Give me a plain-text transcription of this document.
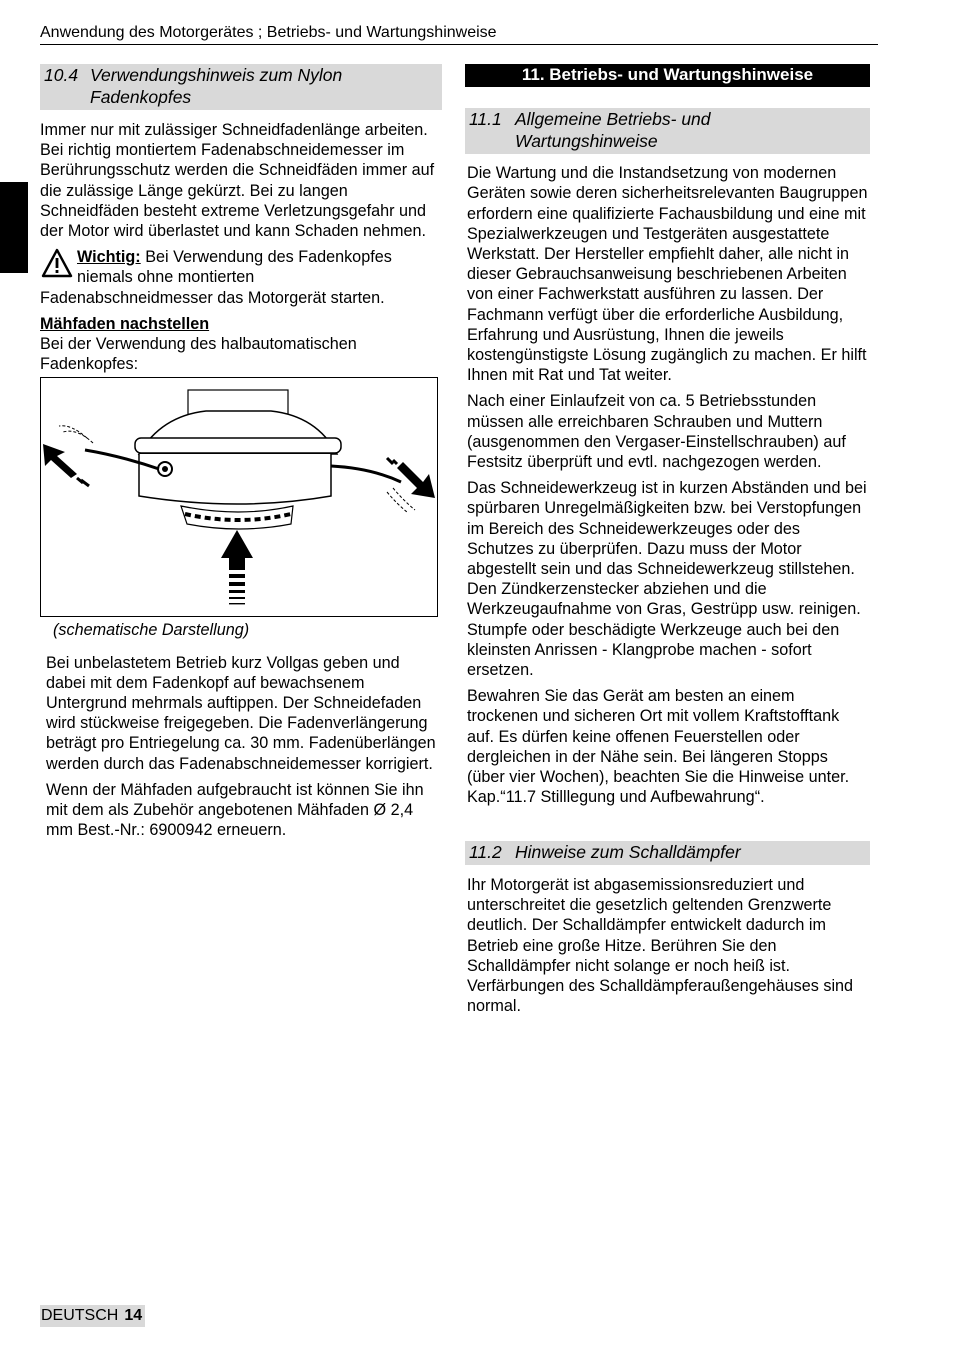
Anwendung des Motorgerätes ; Betriebs- und Wartungshinweise
10.4 Verwendungshinweis zum Nylon
Fadenkopfes

Immer nur mit zulässiger Schneidfadenlänge arbeiten. Bei richtig montiertem Fadenabschneidemesser im Berührungsschutz werden die Schneidfäden immer auf die zulässige Länge gekürzt. Bei zu langen Schneidfäden besteht extreme Verletzungsgefahr und der Motor wird überlastet und kann Schaden nehmen.

Wichtig: Bei Verwendung des Fadenkopfes niemals ohne montierten
Fadenabschneidmesser das Motorgerät starten.
Mähfaden nachstellen
Bei der Verwendung des halbautomatischen
Fadenkopfes:
(schematische Darstellung)

Bei unbelastetem Betrieb kurz Vollgas geben und dabei mit dem Fadenkopf auf bewachsenem Untergrund mehrmals auftippen. Der Schneidefaden wird stückweise freigegeben. Die Fadenverlängerung beträgt pro Entriegelung ca. 30 mm. Fadenüberlängen werden durch das Fadenabschneidemesser korrigiert.

Wenn der Mähfaden aufgebraucht ist können Sie ihn mit dem als Zubehör angebotenen Mähfaden Ø 2,4 mm Best.-Nr.: 6900942 erneuern.

11. Betriebs- und Wartungshinweise
11.1 Allgemeine Betriebs- und
Wartungshinweise

Die Wartung und die Instandsetzung von modernen Geräten sowie deren sicherheitsrelevanten Baugruppen erfordern eine qualifizierte Fachausbildung und eine mit Spezialwerkzeugen und Testgeräten ausgestattete Werkstatt. Der Hersteller empfiehlt daher, alle nicht in dieser Gebrauchsanweisung beschriebenen Arbeiten von einer Fachwerkstatt ausführen zu lassen. Der Fachmann verfügt über die erforderliche Ausbildung, Erfahrung und Ausrüstung, Ihnen die jeweils kostengünstigste Lösung zugänglich zu machen. Er hilft Ihnen mit Rat und Tat weiter.

Nach einer Einlaufzeit von ca. 5 Betriebsstunden müssen alle erreichbaren Schrauben und Muttern (ausgenommen den Vergaser-Einstellschrauben) auf Festsitz überprüft und evtl. nachgezogen werden.

Das Schneidewerkzeug ist in kurzen Abständen und bei spürbaren Unregelmäßigkeiten bzw. bei Verstopfungen im Bereich des Schneidewerkzeuges oder des Schutzes zu überprüfen. Dazu muss der Motor abgestellt sein und das Schneidewerkzeug stillstehen. Den Zündkerzenstecker abziehen und die Werkzeugaufnahme von Gras, Gestrüpp usw. reinigen. Stumpfe oder beschädigte Werkzeuge auch bei den kleinsten Anrissen - Klangprobe machen - sofort ersetzen.

Bewahren Sie das Gerät am besten an einem trockenen und sicheren Ort mit vollem Kraftstofftank auf. Es dürfen keine offenen Feuerstellen oder dergleichen in der Nähe sein. Bei längeren Stopps (über vier Wochen), beachten Sie die Hinweise unter. Kap.“11.7 Stilllegung und Aufbewahrung“.

11.2 Hinweise zum Schalldämpfer

Ihr Motorgerät ist abgasemissionsreduziert und unterschreitet die gesetzlich geltenden Grenzwerte deutlich. Der Schalldämpfer entwickelt dadurch im Betrieb eine große Hitze. Berühren Sie den Schalldämpfer nicht solange er noch heiß ist. Verfärbungen des Schalldämpferaußengehäuses sind normal.

DEUTSCH 14
